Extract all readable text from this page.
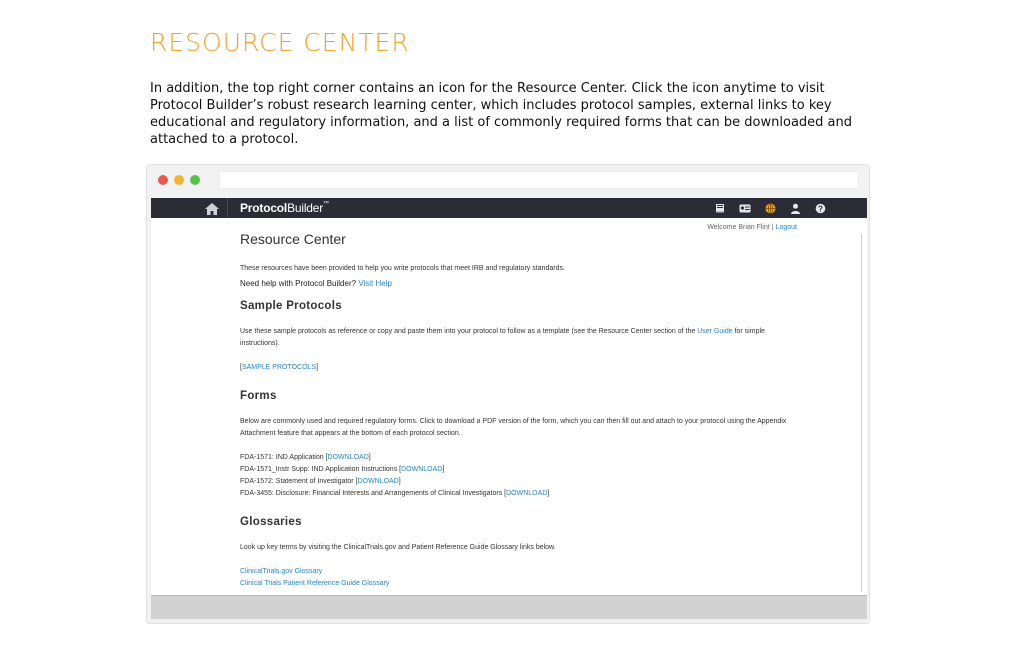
RESOURCE CENTER
In addition, the top right corner contains an icon for the Resource Center. Click the icon anytime to visit Protocol Builder’s robust research learning center, which includes protocol samples, external links to key educational and regulatory information, and a list of commonly required forms that can be downloaded and attached to a protocol.
ProtocolBuilder™	?
Welcome Brian Flint | Logout
Resource Center

These resources have been provided to help you write protocols that meet IRB and regulatory standards.

Need help with Protocol Builder? Visit Help

Sample Protocols

Use these sample protocols as reference or copy and paste them into your protocol to follow as a template (see the Resource Center section of the User Guide for simple instructions).

[SAMPLE PROTOCOLS]

Forms

Below are commonly used and required regulatory forms. Click to download a PDF version of the form, which you can then fill out and attach to your protocol using the Appendix Attachment feature that appears at the bottom of each protocol section.

FDA-1571: IND Application [DOWNLOAD]

FDA-1571_Instr Supp: IND Application Instructions [DOWNLOAD]

FDA-1572: Statement of Investigator [DOWNLOAD]

FDA-3455: Disclosure: Financial Interests and Arrangements of Clinical Investigators [DOWNLOAD]

Glossaries

Look up key terms by visiting the ClinicalTrials.gov and Patient Reference Guide Glossary links below.

ClinicalTrials.gov Glossary

Clinical Trials Patient Reference Guide Glossary
